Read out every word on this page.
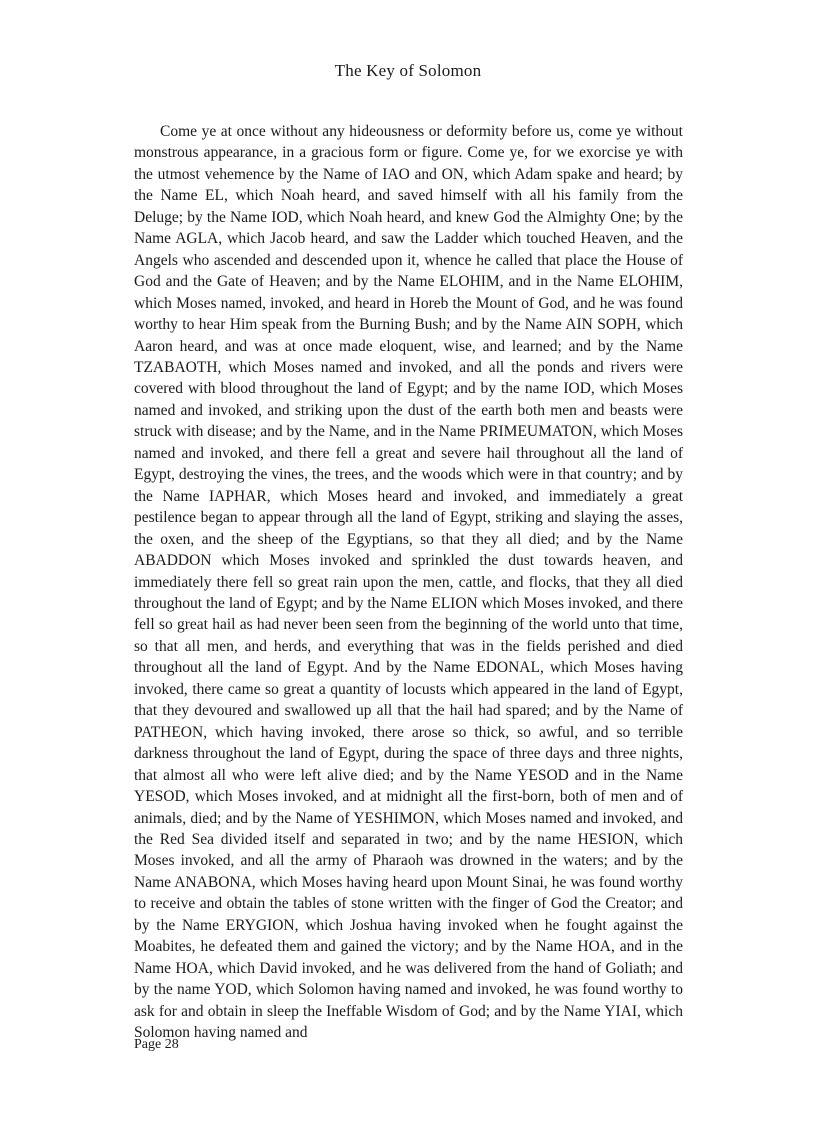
The Key of Solomon

Come ye at once without any hideousness or deformity before us, come ye without monstrous appearance, in a gracious form or figure. Come ye, for we exorcise ye with the utmost vehemence by the Name of IAO and ON, which Adam spake and heard; by the Name EL, which Noah heard, and saved himself with all his family from the Deluge; by the Name IOD, which Noah heard, and knew God the Almighty One; by the Name AGLA, which Jacob heard, and saw the Ladder which touched Heaven, and the Angels who ascended and descended upon it, whence he called that place the House of God and the Gate of Heaven; and by the Name ELOHIM, and in the Name ELOHIM, which Moses named, invoked, and heard in Horeb the Mount of God, and he was found worthy to hear Him speak from the Burning Bush; and by the Name AIN SOPH, which Aaron heard, and was at once made eloquent, wise, and learned; and by the Name TZABAOTH, which Moses named and invoked, and all the ponds and rivers were covered with blood throughout the land of Egypt; and by the name IOD, which Moses named and invoked, and striking upon the dust of the earth both men and beasts were struck with disease; and by the Name, and in the Name PRIMEUMATON, which Moses named and invoked, and there fell a great and severe hail throughout all the land of Egypt, destroying the vines, the trees, and the woods which were in that country; and by the Name IAPHAR, which Moses heard and invoked, and immediately a great pestilence began to appear through all the land of Egypt, striking and slaying the asses, the oxen, and the sheep of the Egyptians, so that they all died; and by the Name ABADDON which Moses invoked and sprinkled the dust towards heaven, and immediately there fell so great rain upon the men, cattle, and flocks, that they all died throughout the land of Egypt; and by the Name ELION which Moses invoked, and there fell so great hail as had never been seen from the beginning of the world unto that time, so that all men, and herds, and everything that was in the fields perished and died throughout all the land of Egypt. And by the Name EDONAL, which Moses having invoked, there came so great a quantity of locusts which appeared in the land of Egypt, that they devoured and swallowed up all that the hail had spared; and by the Name of PATHEON, which having invoked, there arose so thick, so awful, and so terrible darkness throughout the land of Egypt, during the space of three days and three nights, that almost all who were left alive died; and by the Name YESOD and in the Name YESOD, which Moses invoked, and at midnight all the first-born, both of men and of animals, died; and by the Name of YESHIMON, which Moses named and invoked, and the Red Sea divided itself and separated in two; and by the name HESION, which Moses invoked, and all the army of Pharaoh was drowned in the waters; and by the Name ANABONA, which Moses having heard upon Mount Sinai, he was found worthy to receive and obtain the tables of stone written with the finger of God the Creator; and by the Name ERYGION, which Joshua having invoked when he fought against the Moabites, he defeated them and gained the victory; and by the Name HOA, and in the Name HOA, which David invoked, and he was delivered from the hand of Goliath; and by the name YOD, which Solomon having named and invoked, he was found worthy to ask for and obtain in sleep the Ineffable Wisdom of God; and by the Name YIAI, which Solomon having named and

Page 28
